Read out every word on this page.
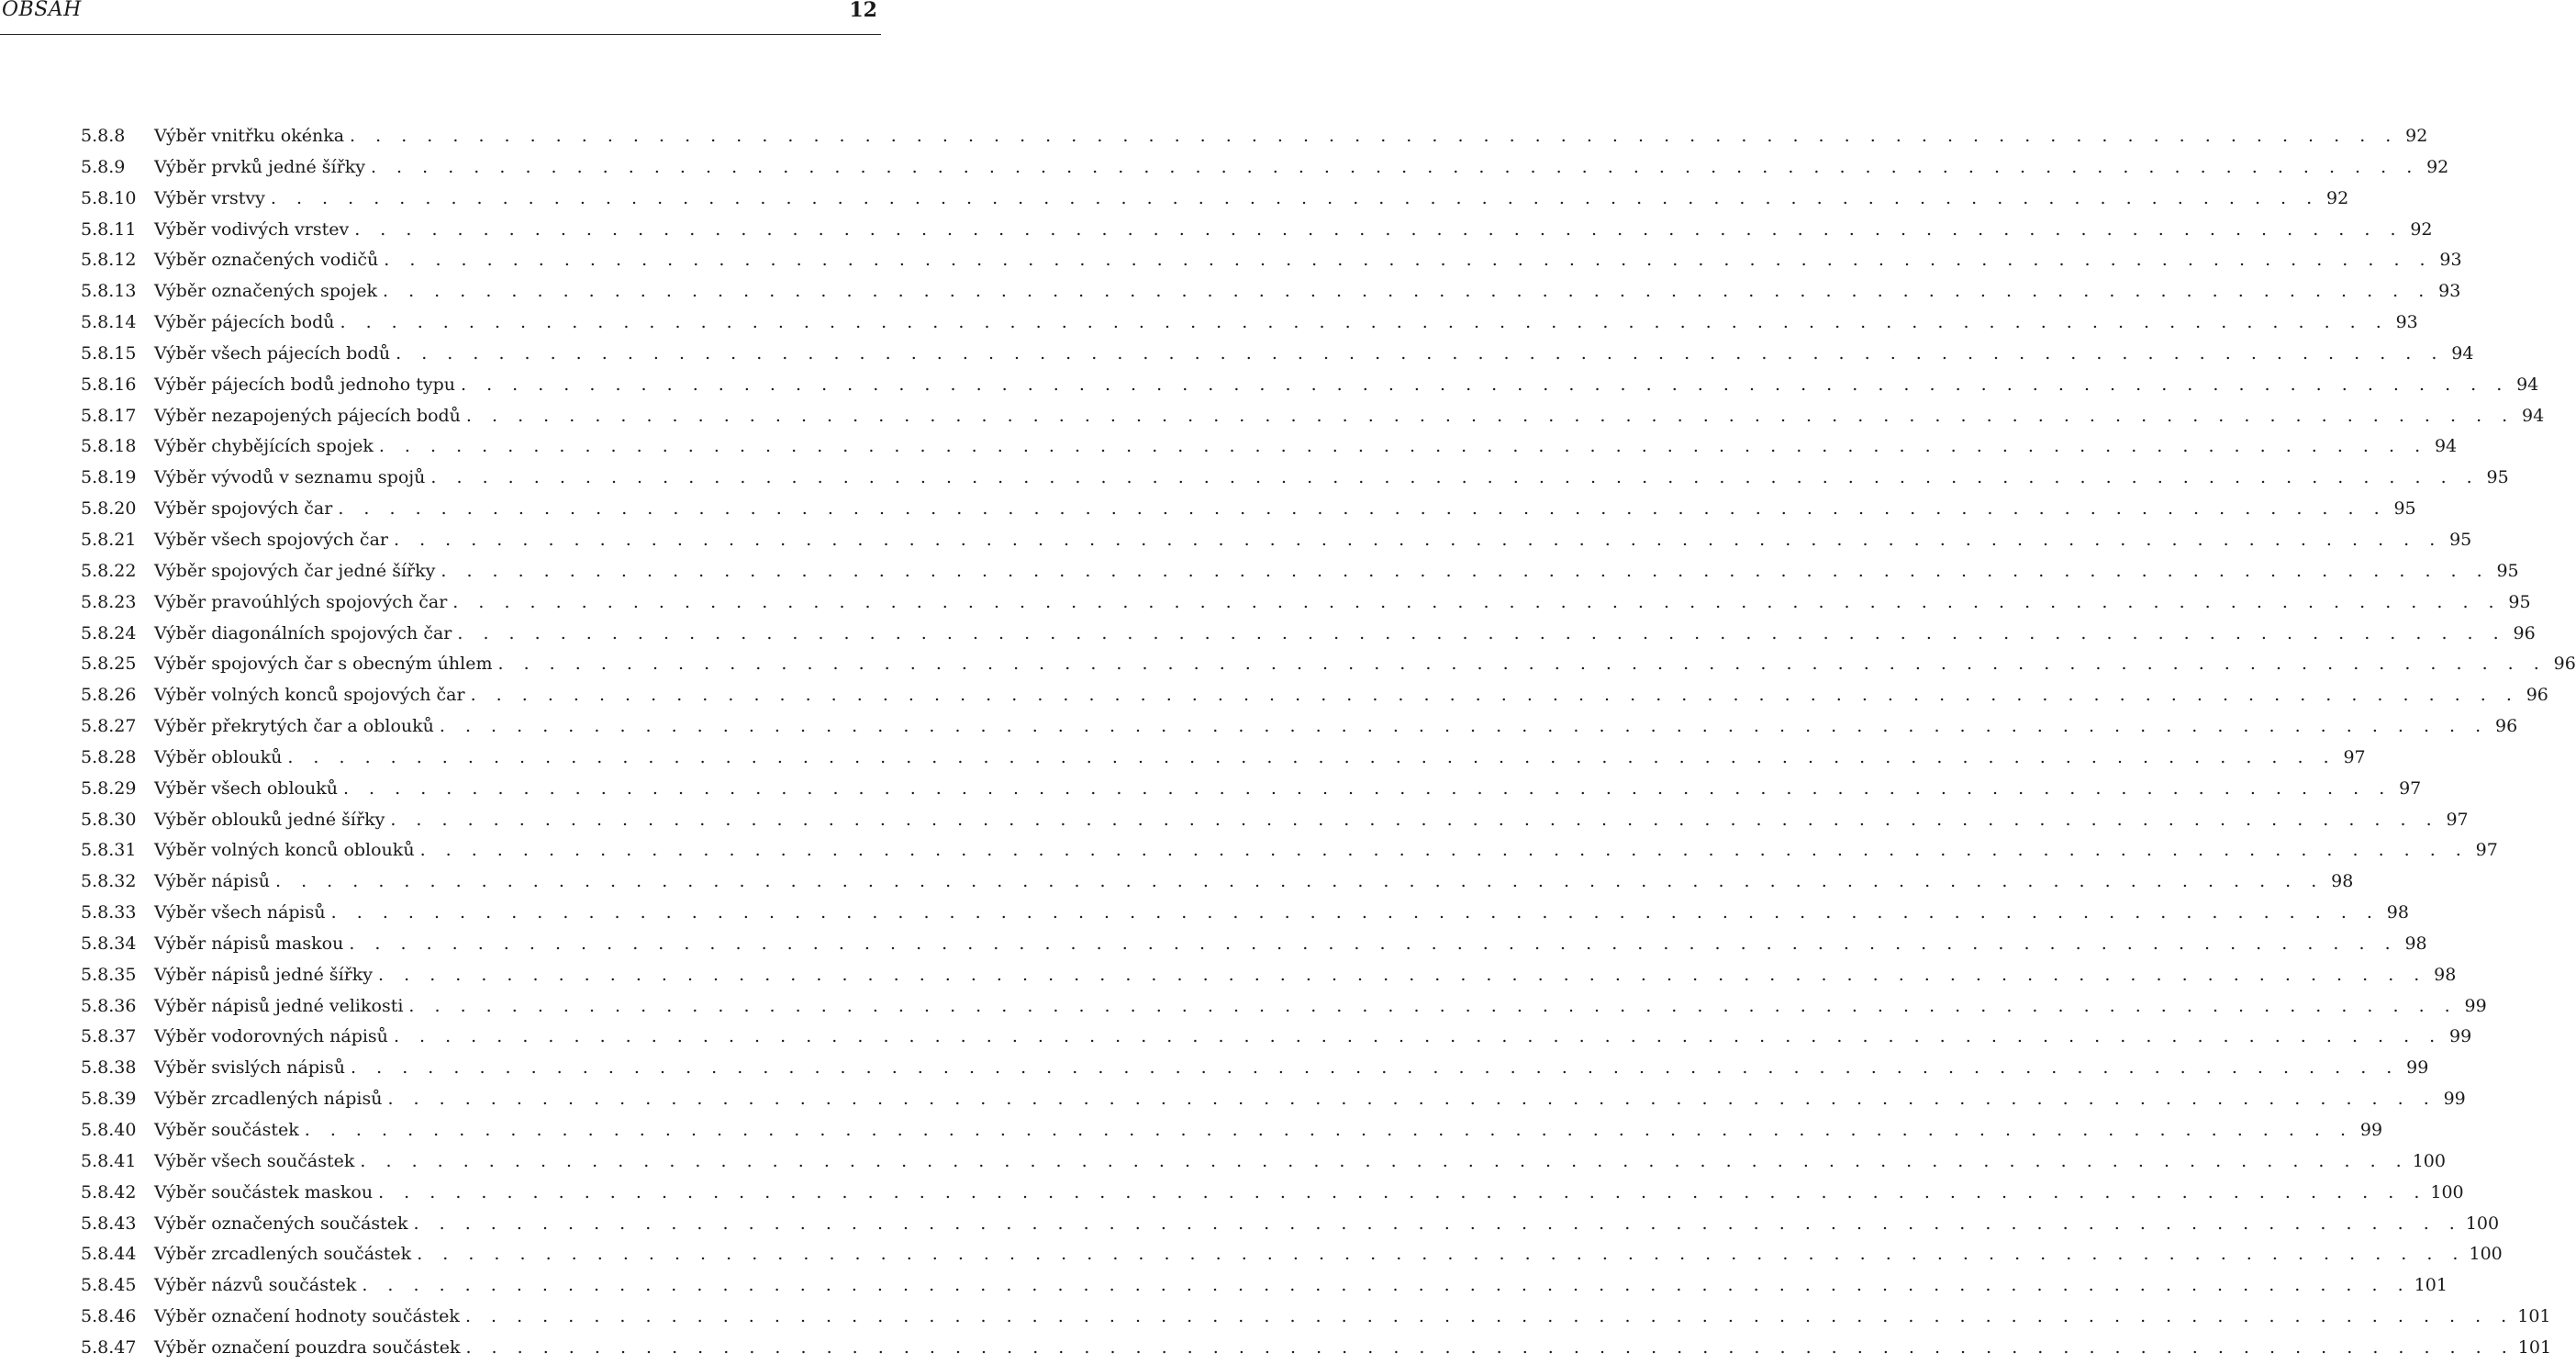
OBSAH	12
5.8.8	Výběr vnitřku okénka . . . . . . . . . . . . . . . . . . . . . . . . . . . . . . . . . . . . . . . . . . . . . . . . . . . . . . . . . . . . . . . . . . . . . . . . . . . . . . . . 92
5.8.9	Výběr prvků jedné šířky . . . . . . . . . . . . . . . . . . . . . . . . . . . . . . . . . . . . . . . . . . . . . . . . . . . . . . . . . . . . . . . . . . . . . . . . . . . . . . . . 92
5.8.10	Výběr vrstvy . . . . . . . . . . . . . . . . . . . . . . . . . . . . . . . . . . . . . . . . . . . . . . . . . . . . . . . . . . . . . . . . . . . . . . . . . . . . . . . . 92
5.8.11	Výběr vodivých vrstev . . . . . . . . . . . . . . . . . . . . . . . . . . . . . . . . . . . . . . . . . . . . . . . . . . . . . . . . . . . . . . . . . . . . . . . . . . . . . . . . 92
5.8.12	Výběr označených vodičů . . . . . . . . . . . . . . . . . . . . . . . . . . . . . . . . . . . . . . . . . . . . . . . . . . . . . . . . . . . . . . . . . . . . . . . . . . . . . . . . 93
5.8.13	Výběr označených spojek . . . . . . . . . . . . . . . . . . . . . . . . . . . . . . . . . . . . . . . . . . . . . . . . . . . . . . . . . . . . . . . . . . . . . . . . . . . . . . . . 93
5.8.14	Výběr pájecích bodů . . . . . . . . . . . . . . . . . . . . . . . . . . . . . . . . . . . . . . . . . . . . . . . . . . . . . . . . . . . . . . . . . . . . . . . . . . . . . . . . 93
5.8.15	Výběr všech pájecích bodů . . . . . . . . . . . . . . . . . . . . . . . . . . . . . . . . . . . . . . . . . . . . . . . . . . . . . . . . . . . . . . . . . . . . . . . . . . . . . . . . 94
5.8.16	Výběr pájecích bodů jednoho typu . . . . . . . . . . . . . . . . . . . . . . . . . . . . . . . . . . . . . . . . . . . . . . . . . . . . . . . . . . . . . . . . . . . . . . . . . . . . . . . . 94
5.8.17	Výběr nezapojených pájecích bodů . . . . . . . . . . . . . . . . . . . . . . . . . . . . . . . . . . . . . . . . . . . . . . . . . . . . . . . . . . . . . . . . . . . . . . . . . . . . . . . . 94
5.8.18	Výběr chybějících spojek . . . . . . . . . . . . . . . . . . . . . . . . . . . . . . . . . . . . . . . . . . . . . . . . . . . . . . . . . . . . . . . . . . . . . . . . . . . . . . . . 94
5.8.19	Výběr vývodů v seznamu spojů . . . . . . . . . . . . . . . . . . . . . . . . . . . . . . . . . . . . . . . . . . . . . . . . . . . . . . . . . . . . . . . . . . . . . . . . . . . . . . . . 95
5.8.20	Výběr spojových čar . . . . . . . . . . . . . . . . . . . . . . . . . . . . . . . . . . . . . . . . . . . . . . . . . . . . . . . . . . . . . . . . . . . . . . . . . . . . . . . . 95
5.8.21	Výběr všech spojových čar . . . . . . . . . . . . . . . . . . . . . . . . . . . . . . . . . . . . . . . . . . . . . . . . . . . . . . . . . . . . . . . . . . . . . . . . . . . . . . . . 95
5.8.22	Výběr spojových čar jedné šířky . . . . . . . . . . . . . . . . . . . . . . . . . . . . . . . . . . . . . . . . . . . . . . . . . . . . . . . . . . . . . . . . . . . . . . . . . . . . . . . . 95
5.8.23	Výběr pravoúhlých spojových čar . . . . . . . . . . . . . . . . . . . . . . . . . . . . . . . . . . . . . . . . . . . . . . . . . . . . . . . . . . . . . . . . . . . . . . . . . . . . . . . . 95
5.8.24	Výběr diagonálních spojových čar . . . . . . . . . . . . . . . . . . . . . . . . . . . . . . . . . . . . . . . . . . . . . . . . . . . . . . . . . . . . . . . . . . . . . . . . . . . . . . . . 96
5.8.25	Výběr spojových čar s obecným úhlem . . . . . . . . . . . . . . . . . . . . . . . . . . . . . . . . . . . . . . . . . . . . . . . . . . . . . . . . . . . . . . . . . . . . . . . . . . . . . . . . 96
5.8.26	Výběr volných konců spojových čar . . . . . . . . . . . . . . . . . . . . . . . . . . . . . . . . . . . . . . . . . . . . . . . . . . . . . . . . . . . . . . . . . . . . . . . . . . . . . . . . 96
5.8.27	Výběr překrytých čar a oblouků . . . . . . . . . . . . . . . . . . . . . . . . . . . . . . . . . . . . . . . . . . . . . . . . . . . . . . . . . . . . . . . . . . . . . . . . . . . . . . . . 96
5.8.28	Výběr oblouků . . . . . . . . . . . . . . . . . . . . . . . . . . . . . . . . . . . . . . . . . . . . . . . . . . . . . . . . . . . . . . . . . . . . . . . . . . . . . . . . 97
5.8.29	Výběr všech oblouků . . . . . . . . . . . . . . . . . . . . . . . . . . . . . . . . . . . . . . . . . . . . . . . . . . . . . . . . . . . . . . . . . . . . . . . . . . . . . . . . 97
5.8.30	Výběr oblouků jedné šířky . . . . . . . . . . . . . . . . . . . . . . . . . . . . . . . . . . . . . . . . . . . . . . . . . . . . . . . . . . . . . . . . . . . . . . . . . . . . . . . . 97
5.8.31	Výběr volných konců oblouků . . . . . . . . . . . . . . . . . . . . . . . . . . . . . . . . . . . . . . . . . . . . . . . . . . . . . . . . . . . . . . . . . . . . . . . . . . . . . . . . 97
5.8.32	Výběr nápisů . . . . . . . . . . . . . . . . . . . . . . . . . . . . . . . . . . . . . . . . . . . . . . . . . . . . . . . . . . . . . . . . . . . . . . . . . . . . . . . . 98
5.8.33	Výběr všech nápisů . . . . . . . . . . . . . . . . . . . . . . . . . . . . . . . . . . . . . . . . . . . . . . . . . . . . . . . . . . . . . . . . . . . . . . . . . . . . . . . . 98
5.8.34	Výběr nápisů maskou . . . . . . . . . . . . . . . . . . . . . . . . . . . . . . . . . . . . . . . . . . . . . . . . . . . . . . . . . . . . . . . . . . . . . . . . . . . . . . . . 98
5.8.35	Výběr nápisů jedné šířky . . . . . . . . . . . . . . . . . . . . . . . . . . . . . . . . . . . . . . . . . . . . . . . . . . . . . . . . . . . . . . . . . . . . . . . . . . . . . . . . 98
5.8.36	Výběr nápisů jedné velikosti . . . . . . . . . . . . . . . . . . . . . . . . . . . . . . . . . . . . . . . . . . . . . . . . . . . . . . . . . . . . . . . . . . . . . . . . . . . . . . . . 99
5.8.37	Výběr vodorovných nápisů . . . . . . . . . . . . . . . . . . . . . . . . . . . . . . . . . . . . . . . . . . . . . . . . . . . . . . . . . . . . . . . . . . . . . . . . . . . . . . . . 99
5.8.38	Výběr svislých nápisů . . . . . . . . . . . . . . . . . . . . . . . . . . . . . . . . . . . . . . . . . . . . . . . . . . . . . . . . . . . . . . . . . . . . . . . . . . . . . . . . 99
5.8.39	Výběr zrcadlených nápisů . . . . . . . . . . . . . . . . . . . . . . . . . . . . . . . . . . . . . . . . . . . . . . . . . . . . . . . . . . . . . . . . . . . . . . . . . . . . . . . . 99
5.8.40	Výběr součástek . . . . . . . . . . . . . . . . . . . . . . . . . . . . . . . . . . . . . . . . . . . . . . . . . . . . . . . . . . . . . . . . . . . . . . . . . . . . . . . . 99
5.8.41	Výběr všech součástek . . . . . . . . . . . . . . . . . . . . . . . . . . . . . . . . . . . . . . . . . . . . . . . . . . . . . . . . . . . . . . . . . . . . . . . . . . . . . . . . 100
5.8.42	Výběr součástek maskou . . . . . . . . . . . . . . . . . . . . . . . . . . . . . . . . . . . . . . . . . . . . . . . . . . . . . . . . . . . . . . . . . . . . . . . . . . . . . . . . 100
5.8.43	Výběr označených součástek . . . . . . . . . . . . . . . . . . . . . . . . . . . . . . . . . . . . . . . . . . . . . . . . . . . . . . . . . . . . . . . . . . . . . . . . . . . . . . . . 100
5.8.44	Výběr zrcadlených součástek . . . . . . . . . . . . . . . . . . . . . . . . . . . . . . . . . . . . . . . . . . . . . . . . . . . . . . . . . . . . . . . . . . . . . . . . . . . . . . . . 100
5.8.45	Výběr názvů součástek . . . . . . . . . . . . . . . . . . . . . . . . . . . . . . . . . . . . . . . . . . . . . . . . . . . . . . . . . . . . . . . . . . . . . . . . . . . . . . . . 101
5.8.46	Výběr označení hodnoty součástek . . . . . . . . . . . . . . . . . . . . . . . . . . . . . . . . . . . . . . . . . . . . . . . . . . . . . . . . . . . . . . . . . . . . . . . . . . . . . . . . 101
5.8.47	Výběr označení pouzdra součástek . . . . . . . . . . . . . . . . . . . . . . . . . . . . . . . . . . . . . . . . . . . . . . . . . . . . . . . . . . . . . . . . . . . . . . . . . . . . . . . . 101
